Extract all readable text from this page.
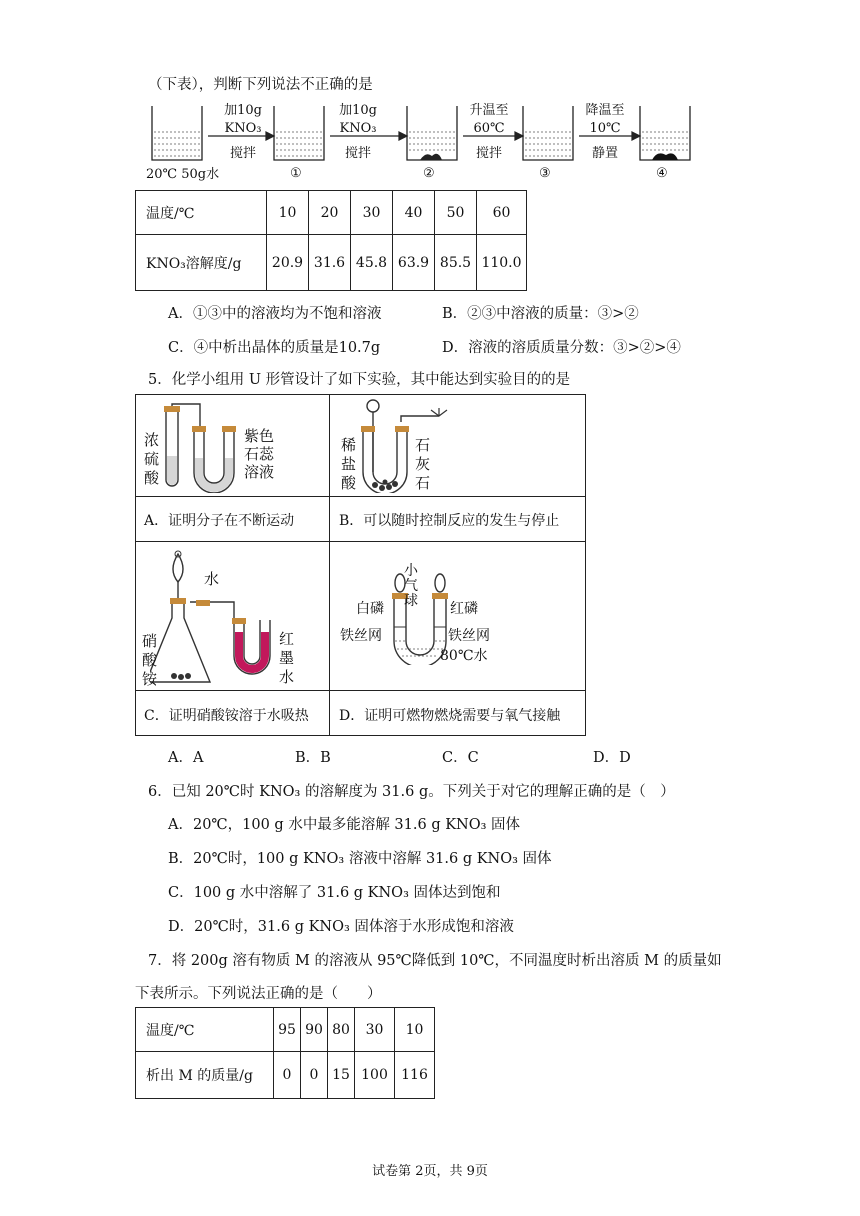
（下表），判断下列说法不正确的是
加10g
KNO₃
搅拌
加10g
KNO₃
搅拌
升温至
60℃
搅拌
降温至
10℃
静置
20℃ 50g水	①	②	③	④
温度/℃	10	20	30	40	50	60
KNO₃溶解度/g	20.9	31.6	45.8	63.9	85.5	110.0
A．①③中的溶液均为不饱和溶液	B．②③中溶液的质量：③>②
C．④中析出晶体的质量是10.7g	D．溶液的溶质质量分数：③>②>④
5．化学小组用 U 形管设计了如下实验，其中能达到实验目的的是
浓硫酸
紫色
石蕊
溶液
稀盐酸
石灰石
A．证明分子在不断运动	B．可以随时控制反应的发生与停止
水
硝酸铵
红墨水
小气球
白磷	红磷
铁丝网	铁丝网
80℃水
C．证明硝酸铵溶于水吸热 D．证明可燃物燃烧需要与氧气接触
A．A	B．B	C．C	D．D
6．已知 20℃时 KNO₃ 的溶解度为 31.6 g。下列关于对它的理解正确的是（　）
A．20℃，100 g 水中最多能溶解 31.6 g KNO₃ 固体
B．20℃时，100 g KNO₃ 溶液中溶解 31.6 g KNO₃ 固体
C．100 g 水中溶解了 31.6 g KNO₃ 固体达到饱和
D．20℃时，31.6 g KNO₃ 固体溶于水形成饱和溶液
7．将 200g 溶有物质 M 的溶液从 95℃降低到 10℃，不同温度时析出溶质 M 的质量如
下表所示。下列说法正确的是（　　）
温度/℃	95	90	80	30	10
析出 M 的质量/g	0	0	15	100	116
试卷第 2页，共 9页
